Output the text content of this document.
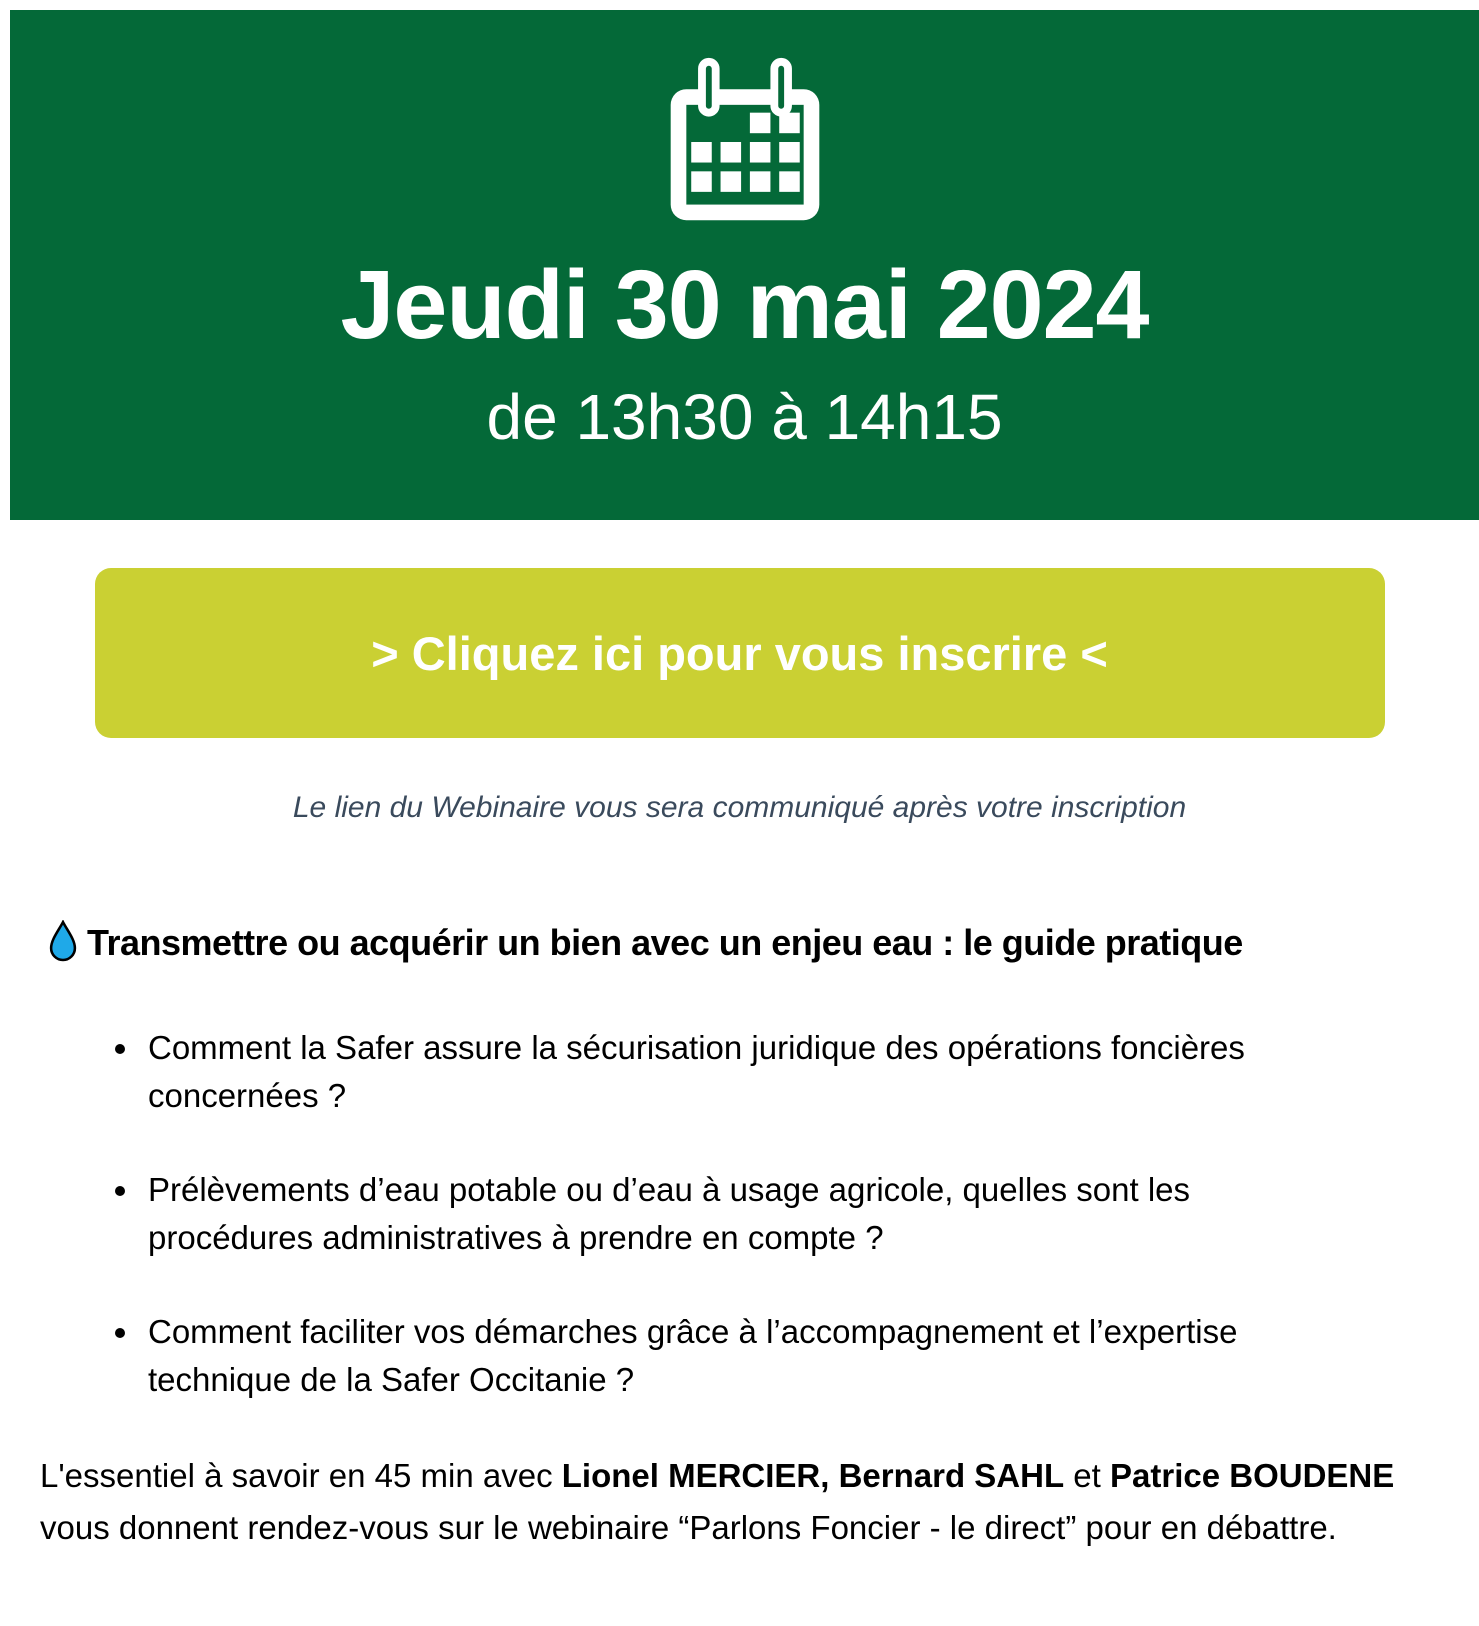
Jeudi 30 mai 2024
de 13h30 à 14h15
> Cliquez ici pour vous inscrire <
Le lien du Webinaire vous sera communiqué après votre inscription
Transmettre ou acquérir un bien avec un enjeu eau : le guide pratique
• Comment la Safer assure la sécurisation juridique des opérations foncières concernées ?
• Prélèvements d’eau potable ou d’eau à usage agricole, quelles sont les procédures administratives à prendre en compte ?
• Comment faciliter vos démarches grâce à l’accompagnement et l’expertise technique de la Safer Occitanie ?

L'essentiel à savoir en 45 min avec Lionel MERCIER, Bernard SAHL et Patrice BOUDENE vous donnent rendez-vous sur le webinaire “Parlons Foncier - le direct” pour en débattre.
